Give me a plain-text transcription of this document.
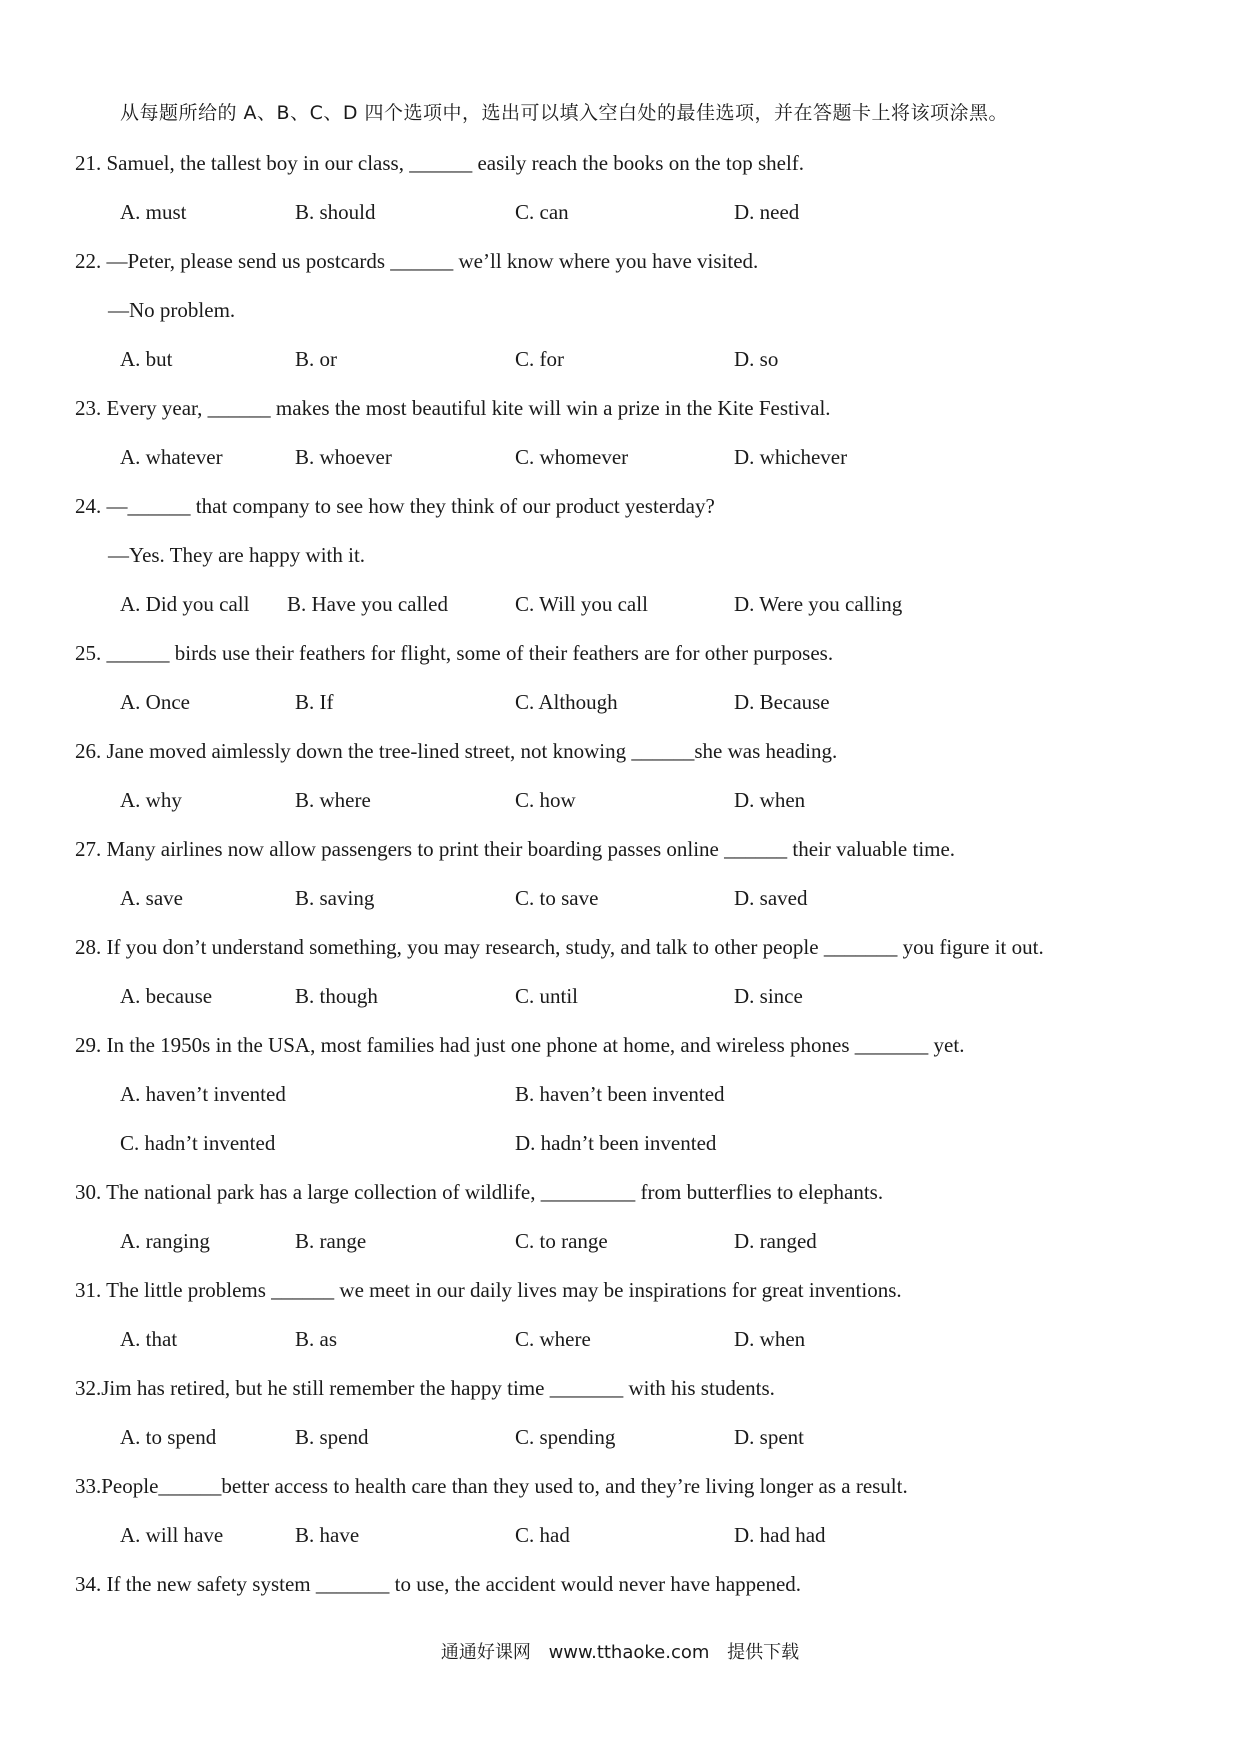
从每题所给的 A、B、C、D 四个选项中，选出可以填入空白处的最佳选项，并在答题卡上将该项涂黑。
21. Samuel, the tallest boy in our class, ______ easily reach the books on the top shelf.
A. must	B. should	C. can	D. need
22. —Peter, please send us postcards ______ we’ll know where you have visited.
—No problem.
A. but	B. or	C. for	D. so
23. Every year, ______ makes the most beautiful kite will win a prize in the Kite Festival.
A. whatever	B. whoever	C. whomever	D. whichever
24. —______ that company to see how they think of our product yesterday?
—Yes. They are happy with it.
A. Did you call B. Have you called	C. Will you call	D. Were you calling
25. ______ birds use their feathers for flight, some of their feathers are for other purposes.
A. Once	B. If	C. Although	D. Because
26. Jane moved aimlessly down the tree-lined street, not knowing ______she was heading.
A. why	B. where	C. how	D. when
27. Many airlines now allow passengers to print their boarding passes online ______ their valuable time.
A. save	B. saving	C. to save	D. saved
28. If you don’t understand something, you may research, study, and talk to other people _______ you figure it out.
A. because	B. though	C. until	D. since
29. In the 1950s in the USA, most families had just one phone at home, and wireless phones _______ yet.
A. haven’t invented	B. haven’t been invented
C. hadn’t invented	D. hadn’t been invented
30. The national park has a large collection of wildlife, _________ from butterflies to elephants.
A. ranging	B. range	C. to range	D. ranged
31. The little problems ______ we meet in our daily lives may be inspirations for great inventions.
A. that	B. as	C. where	D. when
32.Jim has retired, but he still remember the happy time _______ with his students.
A. to spend	B. spend	C. spending	D. spent
33.People______better access to health care than they used to, and they’re living longer as a result.
A. will have	B. have	C. had	D. had had
34. If the new safety system _______ to use, the accident would never have happened.
通通好课网 www.tthaoke.com 提供下载
